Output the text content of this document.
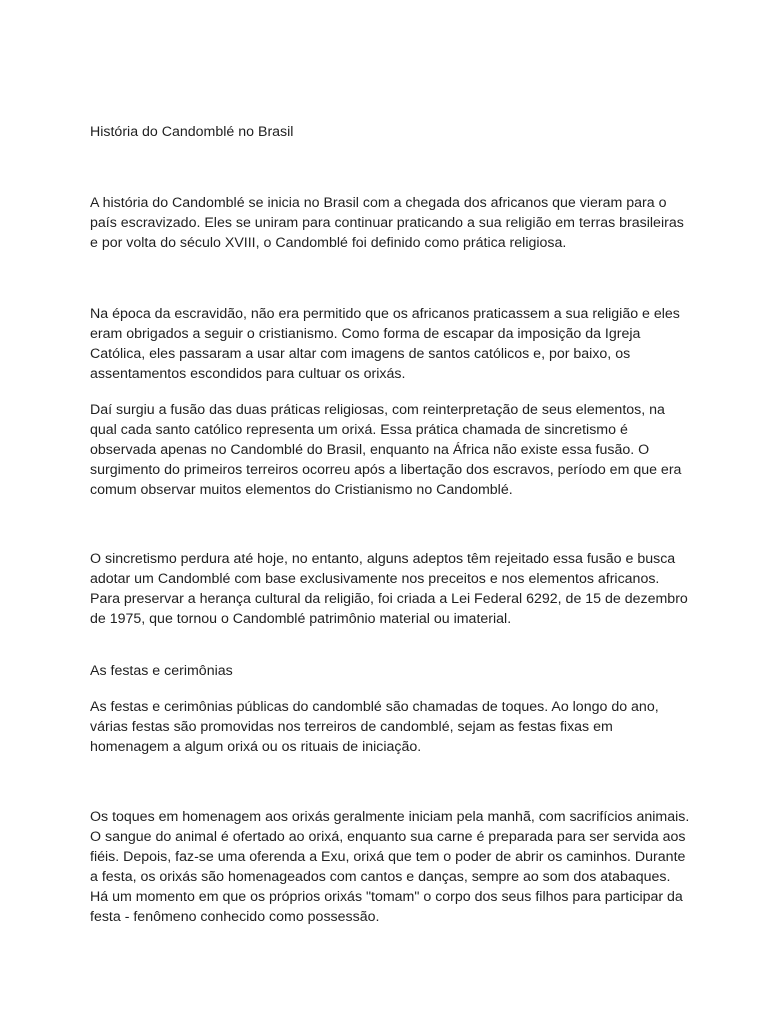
História do Candomblé no Brasil

A história do Candomblé se inicia no Brasil com a chegada dos africanos que vieram para o país escravizado. Eles se uniram para continuar praticando a sua religião em terras brasileiras e por volta do século XVIII, o Candomblé foi definido como prática religiosa.

Na época da escravidão, não era permitido que os africanos praticassem a sua religião e eles eram obrigados a seguir o cristianismo. Como forma de escapar da imposição da Igreja Católica, eles passaram a usar altar com imagens de santos católicos e, por baixo, os assentamentos escondidos para cultuar os orixás.

Daí surgiu a fusão das duas práticas religiosas, com reinterpretação de seus elementos, na qual cada santo católico representa um orixá. Essa prática chamada de sincretismo é observada apenas no Candomblé do Brasil, enquanto na África não existe essa fusão. O surgimento do primeiros terreiros ocorreu após a libertação dos escravos, período em que era comum observar muitos elementos do Cristianismo no Candomblé.

O sincretismo perdura até hoje, no entanto, alguns adeptos têm rejeitado essa fusão e busca adotar um Candomblé com base exclusivamente nos preceitos e nos elementos africanos. Para preservar a herança cultural da religião, foi criada a Lei Federal 6292, de 15 de dezembro de 1975, que tornou o Candomblé patrimônio material ou imaterial.

As festas e cerimônias

As festas e cerimônias públicas do candomblé são chamadas de toques. Ao longo do ano, várias festas são promovidas nos terreiros de candomblé, sejam as festas fixas em homenagem a algum orixá ou os rituais de iniciação.

Os toques em homenagem aos orixás geralmente iniciam pela manhã, com sacrifícios animais. O sangue do animal é ofertado ao orixá, enquanto sua carne é preparada para ser servida aos fiéis. Depois, faz-se uma oferenda a Exu, orixá que tem o poder de abrir os caminhos. Durante a festa, os orixás são homenageados com cantos e danças, sempre ao som dos atabaques. Há um momento em que os próprios orixás "tomam" o corpo dos seus filhos para participar da festa - fenômeno conhecido como possessão.
